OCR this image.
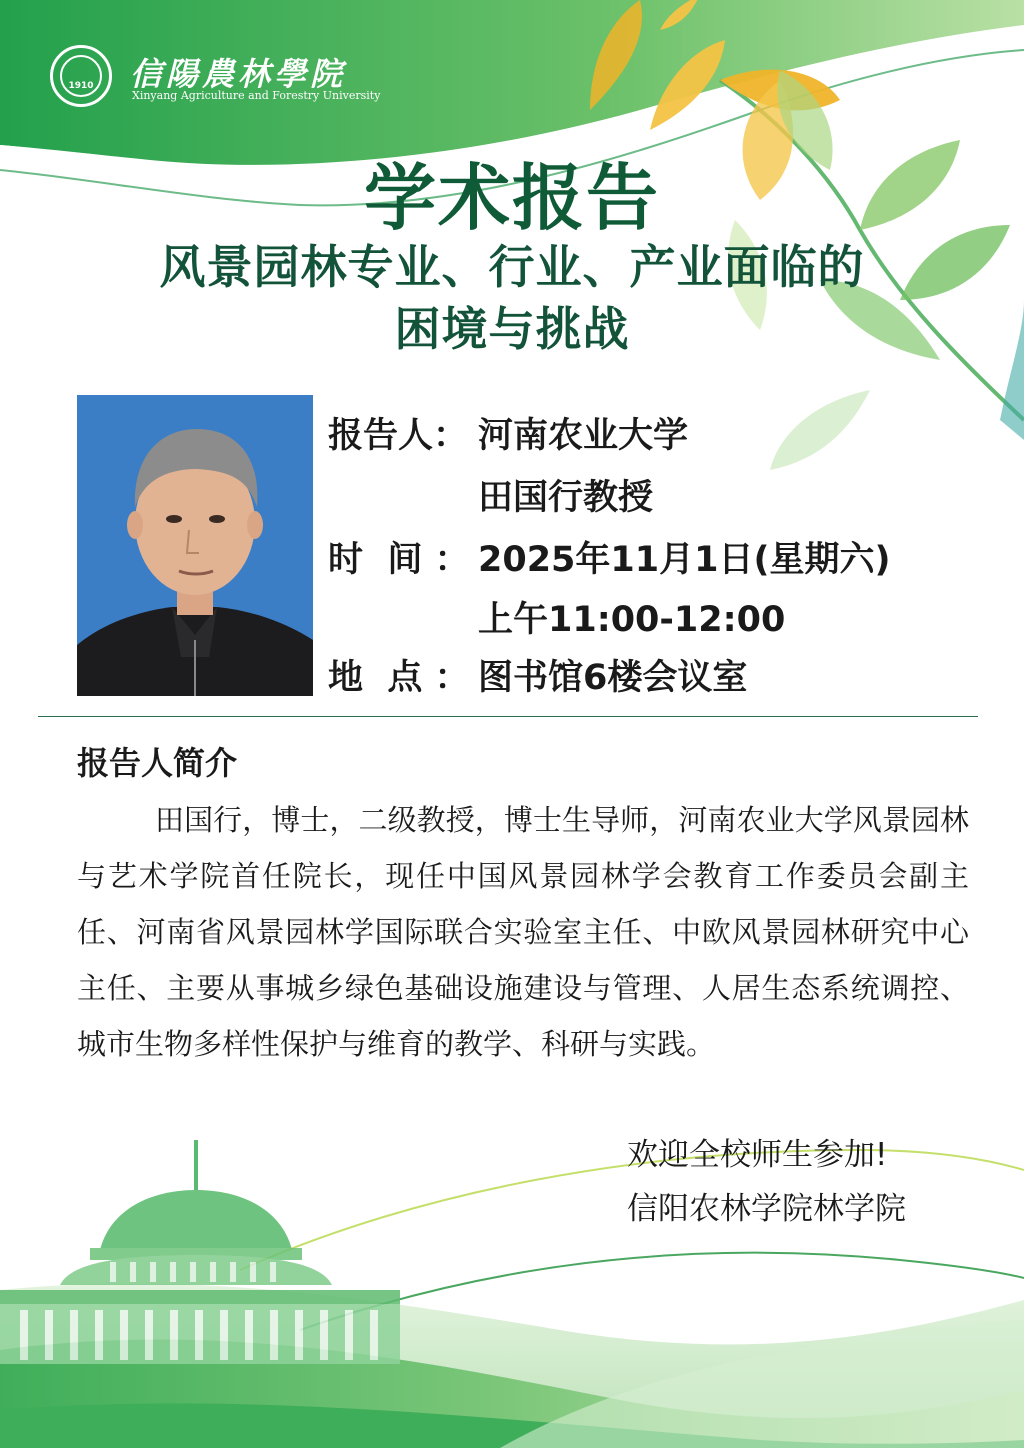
1910 信陽農林學院
Xinyang Agriculture and Forestry University
学术报告
风景园林专业、行业、产业面临的
困境与挑战
报告人： 河南农业大学
田国行教授
时  间 ： 2025年11月1日(星期六)
上午11:00-12:00
地  点 ： 图书馆6楼会议室
报告人简介
田国行，博士，二级教授，博士生导师，河南农业大学风景园林与艺术学院首任院长，现任中国风景园林学会教育工作委员会副主任、河南省风景园林学国际联合实验室主任、中欧风景园林研究中心主任、主要从事城乡绿色基础设施建设与管理、人居生态系统调控、城市生物多样性保护与维育的教学、科研与实践。
欢迎全校师生参加!
信阳农林学院林学院
